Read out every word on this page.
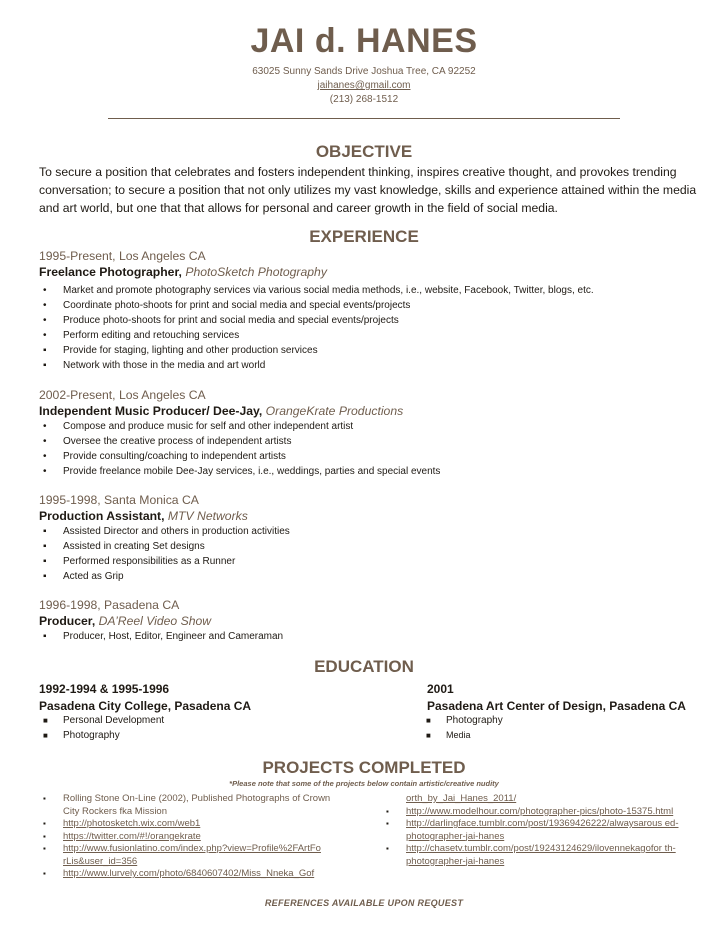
JAI d. HANES
63025 Sunny Sands Drive Joshua Tree, CA 92252
jaihanes@gmail.com
(213) 268-1512
OBJECTIVE
To secure a position that celebrates and fosters independent thinking, inspires creative thought, and provokes trending conversation; to secure a position that not only utilizes my vast knowledge, skills and experience attained within the media and art world, but one that that allows for personal and career growth in the field of social media.
EXPERIENCE
1995-Present, Los Angeles CA
Freelance Photographer, PhotoSketch Photography
• Market and promote photography services via various social media methods, i.e., website, Facebook, Twitter, blogs, etc.
• Coordinate photo-shoots for print and social media and special events/projects
• Produce photo-shoots for print and social media and special events/projects
• Perform editing and retouching services
▪ Provide for staging, lighting and other production services
▪ Network with those in the media and art world
2002-Present, Los Angeles CA
Independent Music Producer/ Dee-Jay, OrangeKrate Productions
• Compose and produce music for self and other independent artist
• Oversee the creative process of independent artists
• Provide consulting/coaching to independent artists
• Provide freelance mobile Dee-Jay services, i.e., weddings, parties and special events
1995-1998, Santa Monica CA
Production Assistant, MTV Networks
▪ Assisted Director and others in production activities
▪ Assisted in creating Set designs
▪ Performed responsibilities as a Runner
▪ Acted as Grip
1996-1998, Pasadena CA
Producer, DA’Reel Video Show
▪ Producer, Host, Editor, Engineer and Cameraman
EDUCATION
1992-1994 & 1995-1996
Pasadena City College, Pasadena CA
■ Personal Development
■ Photography
2001
Pasadena Art Center of Design, Pasadena CA
■ Photography
■ Media
PROJECTS COMPLETED
*Please note that some of the projects below contain artistic/creative nudity
▪ Rolling Stone On-Line (2002), Published Photographs of Crown City Rockers fka Mission
▪ http://photosketch.wix.com/web1
▪ https://twitter.com/#!/orangekrate
▪ http://www.fusionlatino.com/index.php?view=Profile%2FArtFo rLis&user_id=356
▪ http://www.lurvely.com/photo/6840607402/Miss_Nneka_Gof
orth_by_Jai_Hanes_2011/
▪ http://www.modelhour.com/photographer-pics/photo-15375.html
▪ http://darlingface.tumblr.com/post/19369426222/alwaysarous ed-photographer-jai-hanes
▪ http://chasetv.tumblr.com/post/19243124629/ilovennekagofor th-photographer-jai-hanes
REFERENCES AVAILABLE UPON REQUEST
